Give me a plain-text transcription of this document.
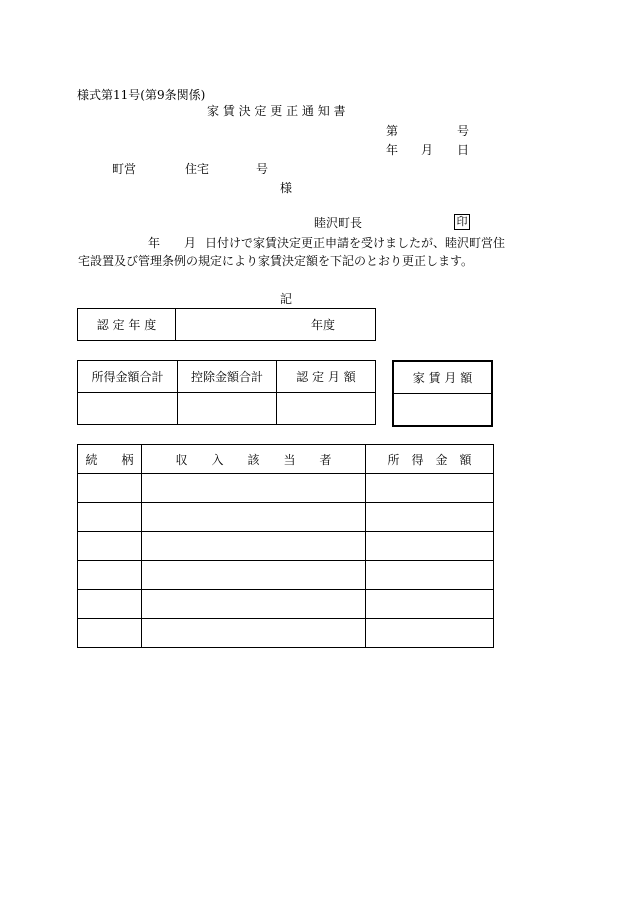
様式第11号(第9条関係)
家 賃 決 定 更 正 通 知 書
第	号
年 月 日
町営	住宅	号
様
睦沢町長	印
年 月 日付けで家賃決定更正申請を受けましたが、睦沢町営住宅設置及び管理条例の規定により家賃決定額を下記のとおり更正します。
記
認 定 年 度	年度
所得金額合計	控除金額合計	認 定 月 額
			家 賃 月 額

続　　柄	収　　入　　該　　当　　者	所　得　金　額
